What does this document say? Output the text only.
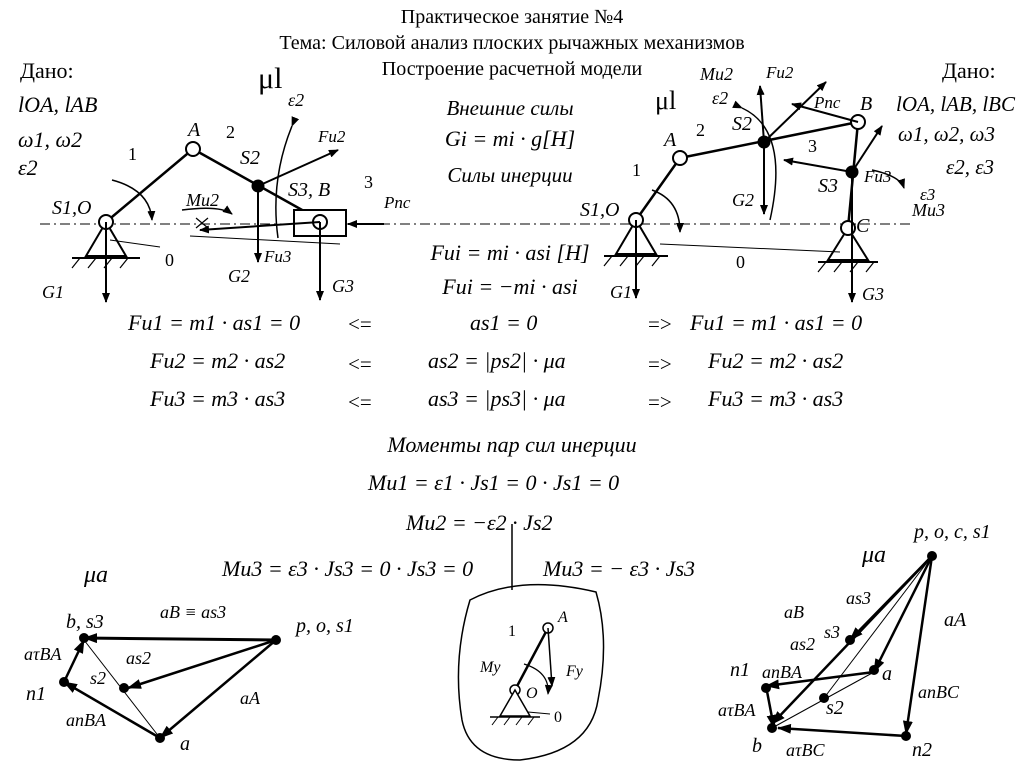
Практическое занятие №4
Тема: Силовой анализ плоских рычажных механизмов
Построение расчетной модели
Дано:
lOA, lAB
ω1, ω2
ε2
μl	Дано:
lOA, lAB, lBC
ω1, ω2, ω3
ε2, ε3
μl
Внешние силы
Gi = mi · g[H]
Силы инерции
Fui = mi · asi [H]
Fui = −mi · asi
Fu1 = m1 · as1 = 0 <=	as1 = 0	=> Fu1 = m1 · as1 = 0
Fu2 = m2 · as2	<=	as2 = |ps2| · μa	=> Fu2 = m2 · as2
Fu3 = m3 · as3	<=	as3 = |ps3| · μa	=> Fu3 = m3 · as3
Моменты пар сил инерции
Mu1 = ε1 · Js1 = 0 · Js1 = 0
Mu2 = −ε2 · Js2
Mu3 = ε3 · Js3 = 0 · Js3 = 0	Mu3 = − ε3 · Js3
A 2
1	S2
S3, B 3
S1,O	Mu2
Fu2
Fu3
Pпс
ε2
G1
G2	G3
0
A 2
1
S2
B
3
S3
C
S1,O
Mu2
ε2
Fu2
Pпс
Fu3
ε3
Mu3
G1
G2
G3
0
μa
b, s3	p, o, s1
aB ≡ as3
as2
s2
aτBA
n1
anBA
aA
a
A
1
Mу	Fу
O
0
μa
p, o, c, s1
aB
as3
s3
as2
aA
n1 anBA	a
anBC
aτBA	s2
b aτBC	n2
